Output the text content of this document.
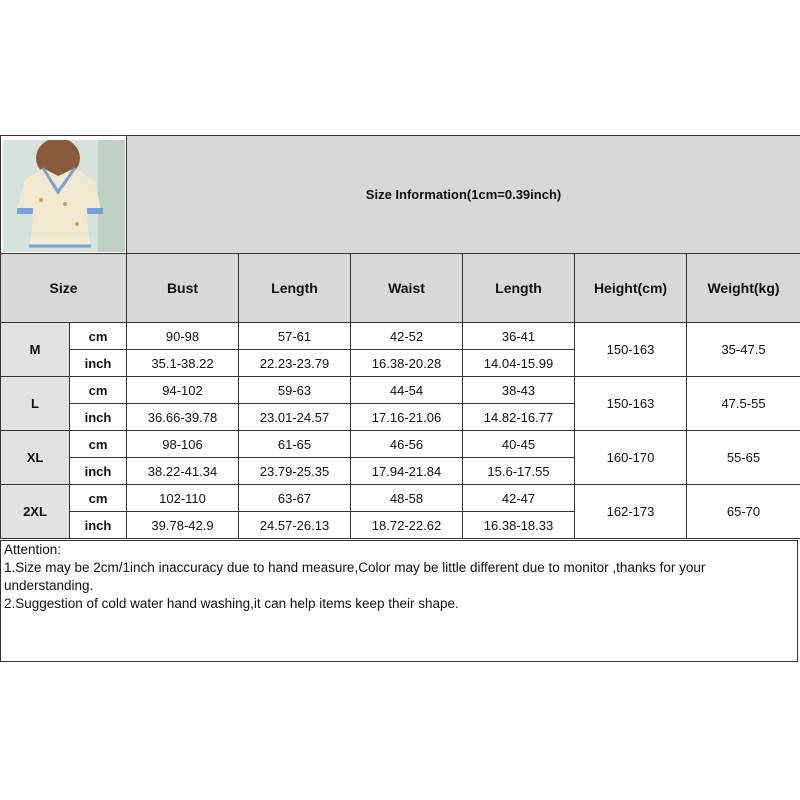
	Size Information(1cm=0.39inch)					
Size		Bust	Length	Waist	Length	Height(cm)	Weight(kg)
M	cm	90-98	57-61	42-52	36-41	150-163	35-47.5
	inch	35.1-38.22	22.23-23.79	16.38-20.28	14.04-15.99		
L	cm	94-102	59-63	44-54	38-43	150-163	47.5-55
	inch	36.66-39.78	23.01-24.57	17.16-21.06	14.82-16.77		
XL	cm	98-106	61-65	46-56	40-45	160-170	55-65
	inch	38.22-41.34	23.79-25.35	17.94-21.84	15.6-17.55		
2XL	cm	102-110	63-67	48-58	42-47	162-173	65-70
	inch	39.78-42.9	24.57-26.13	18.72-22.62	16.38-18.33		
Attention:
1.Size may be 2cm/1inch inaccuracy due to hand measure,Color may be little different due to monitor ,thanks for your understanding.
2.Suggestion of cold water hand washing,it can help items keep their shape.
